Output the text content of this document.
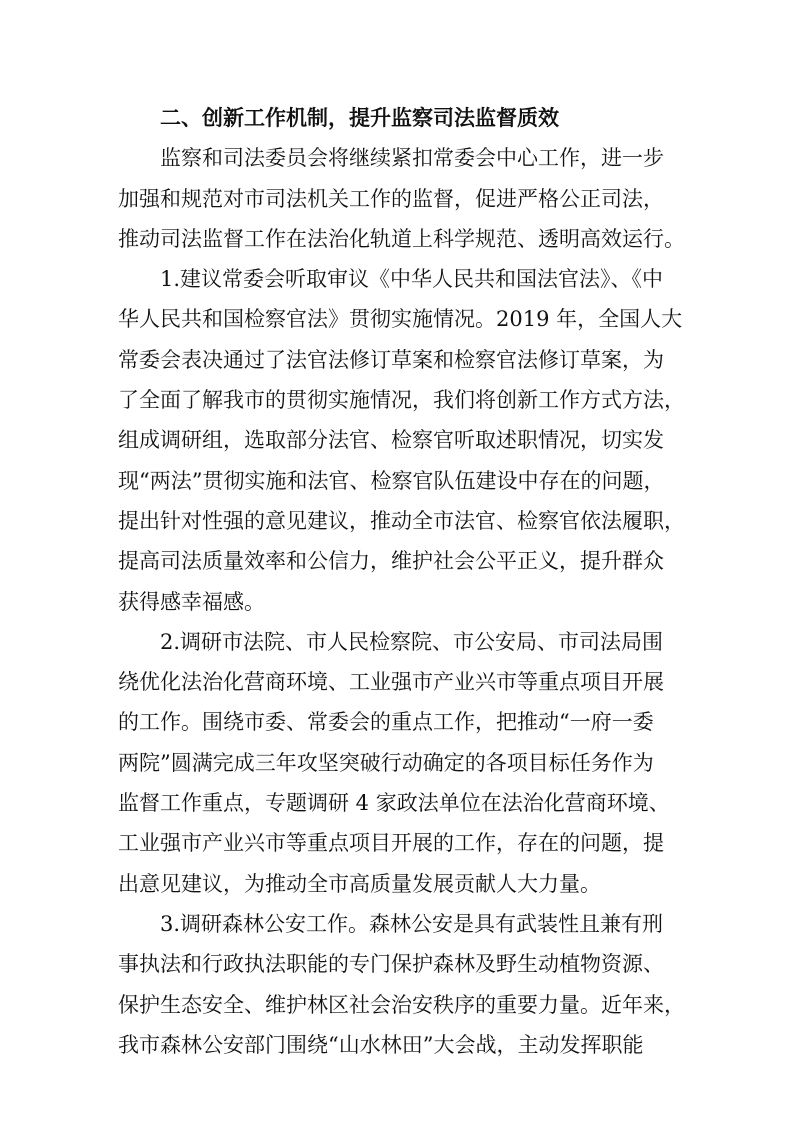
二、创新工作机制，提升监察司法监督质效
监察和司法委员会将继续紧扣常委会中心工作，进一步
加强和规范对市司法机关工作的监督，促进严格公正司法，
推动司法监督工作在法治化轨道上科学规范、透明高效运行。
1.建议常委会听取审议《中华人民共和国法官法》、《中
华人民共和国检察官法》贯彻实施情况。2019 年，全国人大
常委会表决通过了法官法修订草案和检察官法修订草案，为
了全面了解我市的贯彻实施情况，我们将创新工作方式方法，
组成调研组，选取部分法官、检察官听取述职情况，切实发
现“两法”贯彻实施和法官、检察官队伍建设中存在的问题，
提出针对性强的意见建议，推动全市法官、检察官依法履职，
提高司法质量效率和公信力，维护社会公平正义，提升群众
获得感幸福感。
2.调研市法院、市人民检察院、市公安局、市司法局围
绕优化法治化营商环境、工业强市产业兴市等重点项目开展
的工作。围绕市委、常委会的重点工作，把推动“一府一委
两院”圆满完成三年攻坚突破行动确定的各项目标任务作为
监督工作重点，专题调研 4 家政法单位在法治化营商环境、
工业强市产业兴市等重点项目开展的工作，存在的问题，提
出意见建议，为推动全市高质量发展贡献人大力量。
3.调研森林公安工作。森林公安是具有武装性且兼有刑
事执法和行政执法职能的专门保护森林及野生动植物资源、
保护生态安全、维护林区社会治安秩序的重要力量。近年来，
我市森林公安部门围绕“山水林田”大会战，主动发挥职能
